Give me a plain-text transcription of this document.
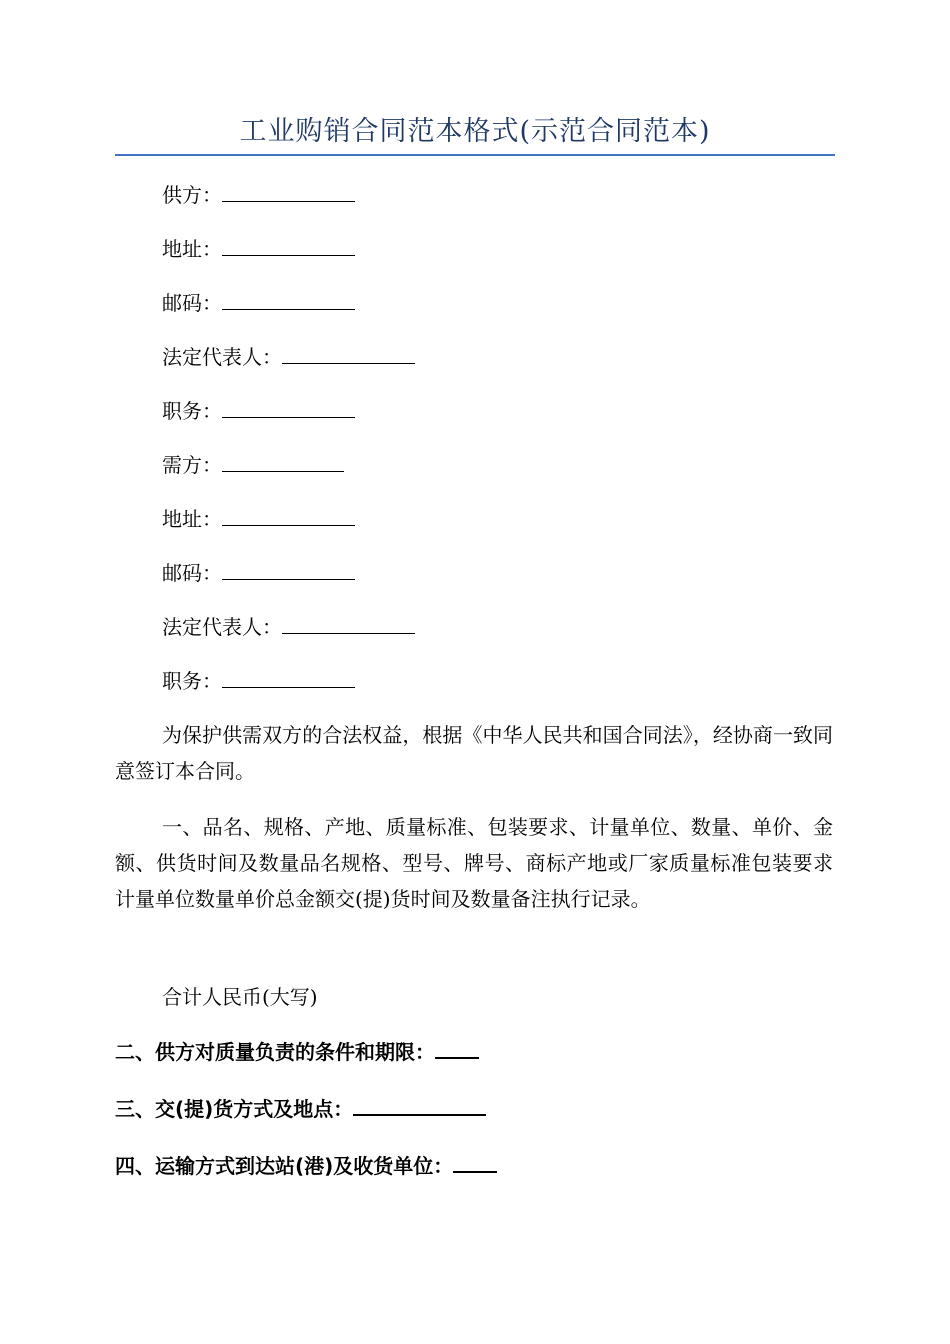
工业购销合同范本格式(示范合同范本)
供方：
地址：
邮码：
法定代表人：
职务：
需方：
地址：
邮码：
法定代表人：
职务：
为保护供需双方的合法权益，根据《中华人民共和国合同法》，经协商一致同意签订本合同。
一、品名、规格、产地、质量标准、包装要求、计量单位、数量、单价、金额、供货时间及数量品名规格、型号、牌号、商标产地或厂家质量标准包装要求计量单位数量单价总金额交(提)货时间及数量备注执行记录。
合计人民币(大写)
二、供方对质量负责的条件和期限：
三、交(提)货方式及地点：
四、运输方式到达站(港)及收货单位：
